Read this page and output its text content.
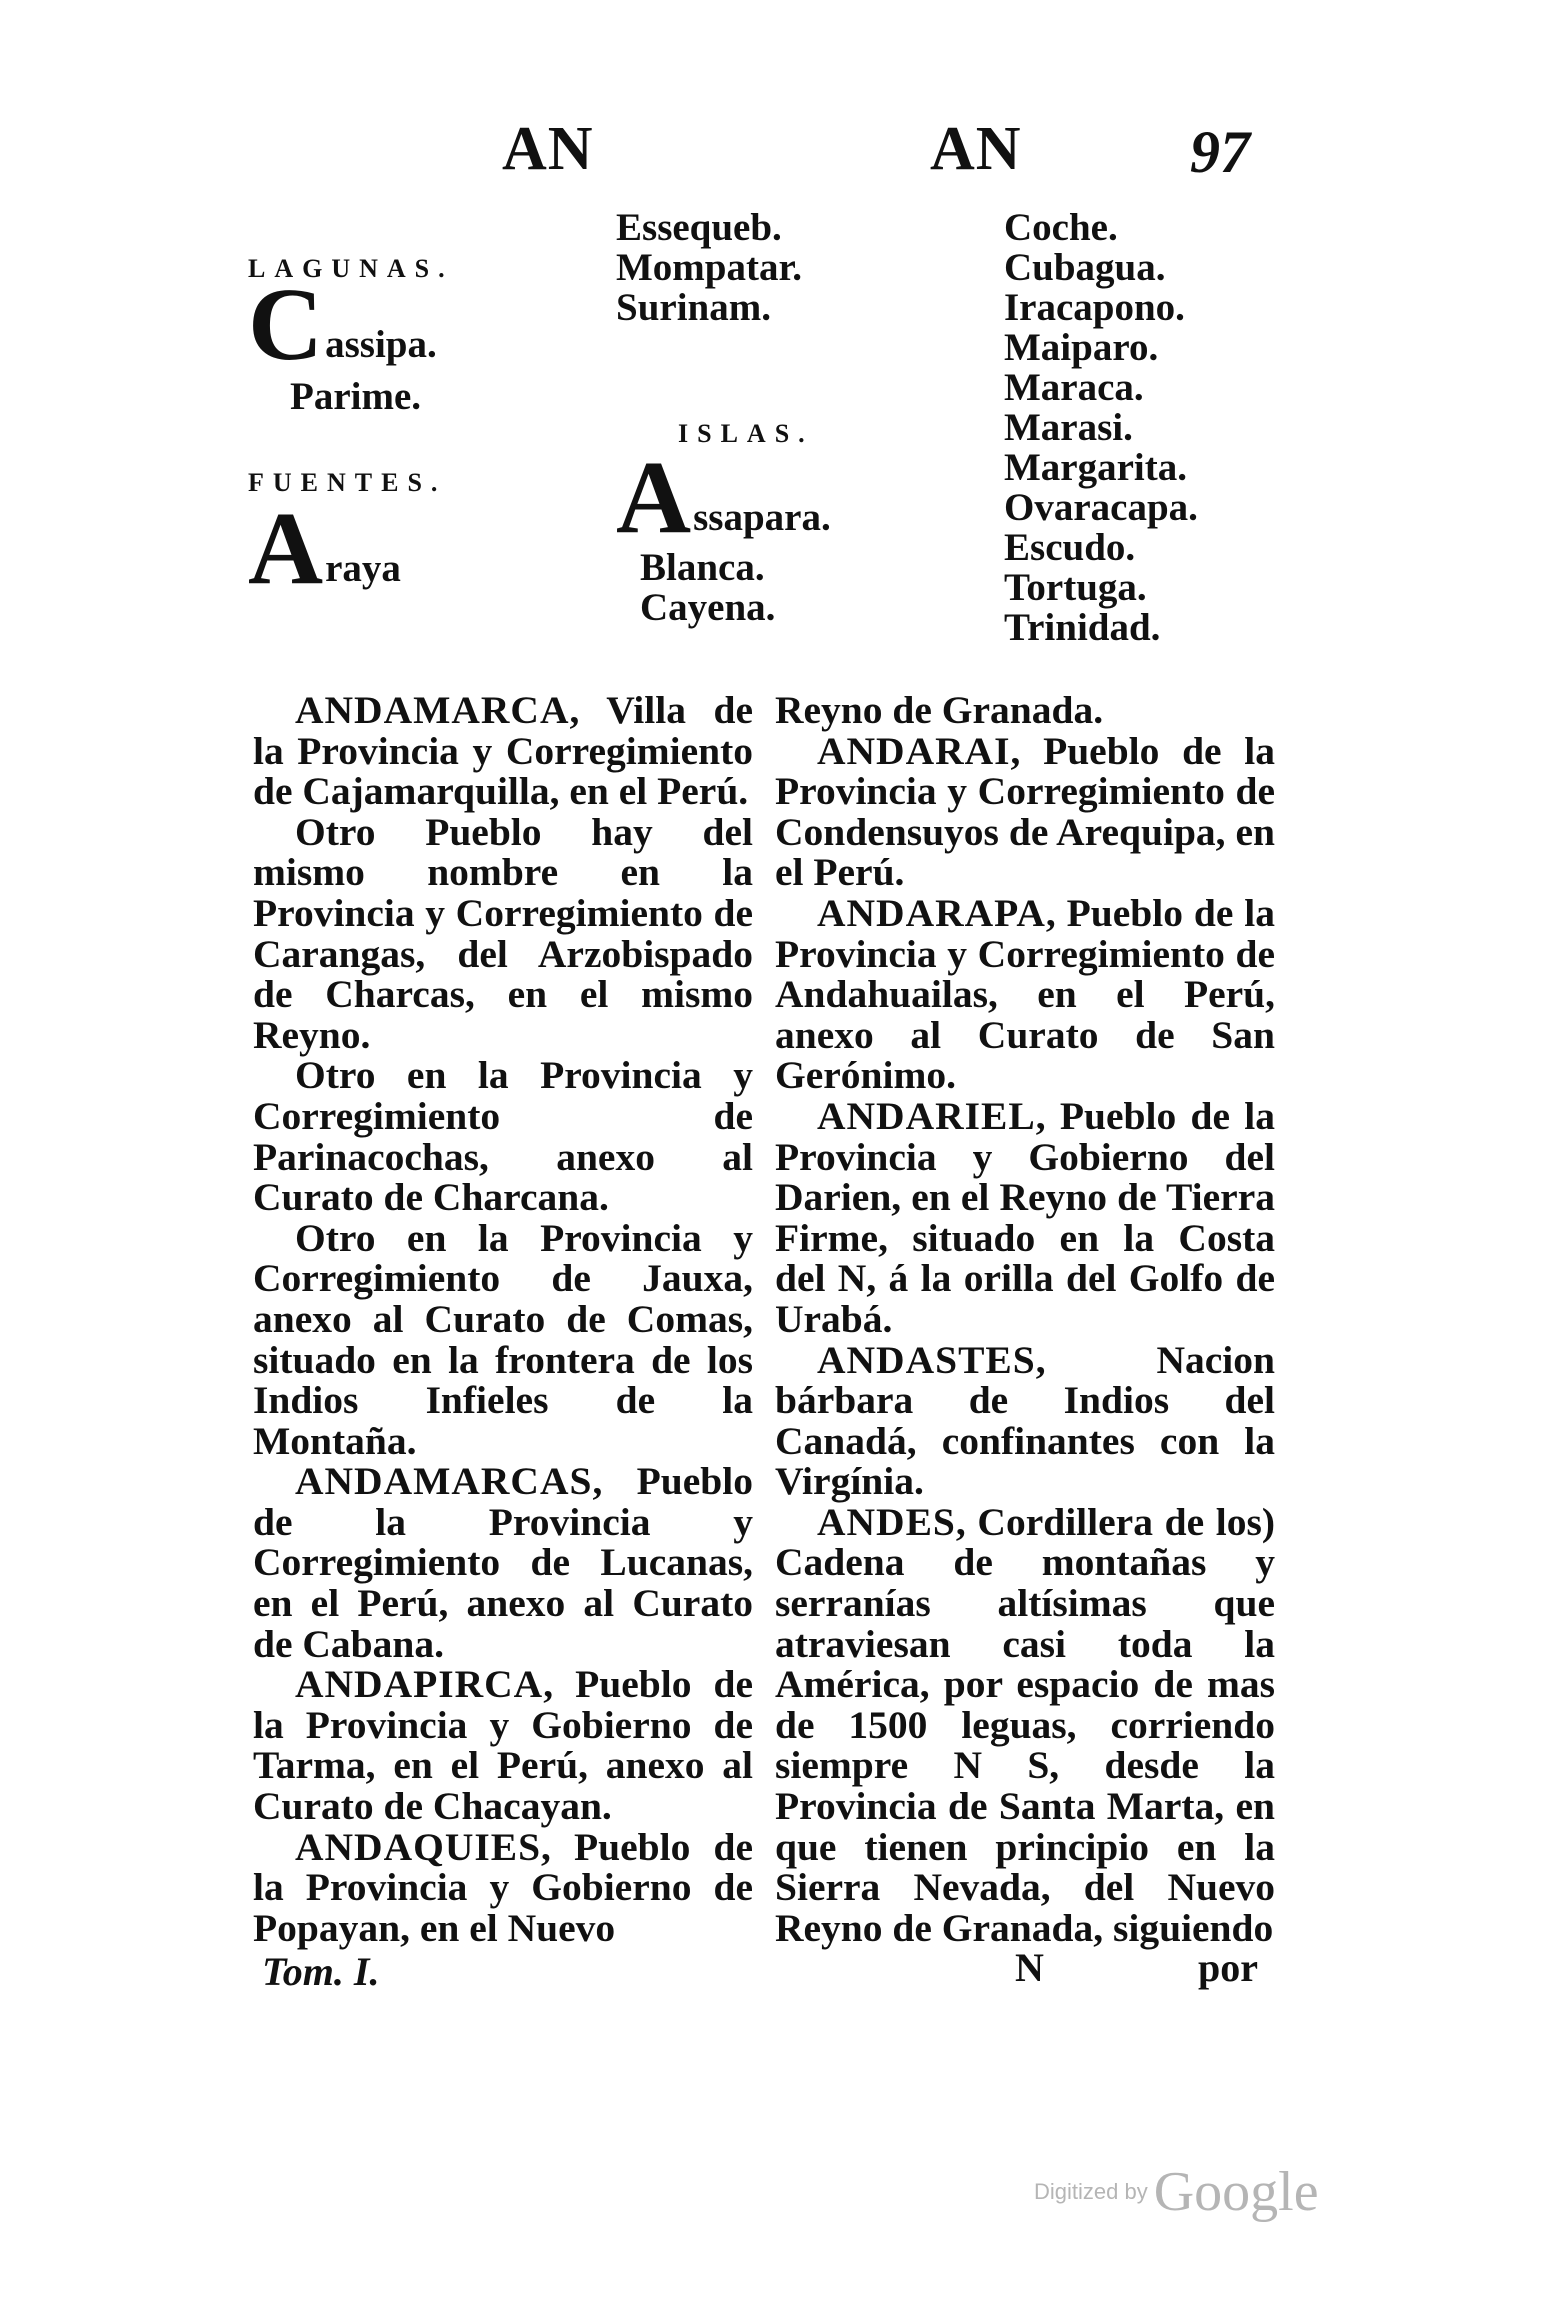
AN	AN	97
LAGUNAS.
Cassipa.
Parime.
FUENTES.
Araya
Essequeb.
Mompatar.
Surinam.
ISLAS.
Assapara.
Blanca.
Cayena.
Coche.
Cubagua.
Iracapono.
Maiparo.
Maraca.
Marasi.
Margarita.
Ovaracapa.
Escudo.
Tortuga.
Trinidad.

ANDAMARCA, Villa de la Provincia y Corregimiento de Cajamarquilla, en el Perú.

Otro Pueblo hay del mismo nombre en la Provincia y Corregimiento de Carangas, del Arzobispado de Charcas, en el mismo Reyno.

Otro en la Provincia y Corregimiento de Parinacochas, anexo al Curato de Charcana.

Otro en la Provincia y Corregimiento de Jauxa, anexo al Curato de Comas, situado en la frontera de los Indios Infieles de la Montaña.

ANDAMARCAS, Pueblo de la Provincia y Corregimiento de Lucanas, en el Perú, anexo al Curato de Cabana.

ANDAPIRCA, Pueblo de la Provincia y Gobierno de Tarma, en el Perú, anexo al Curato de Chacayan.

ANDAQUIES, Pueblo de la Provincia y Gobierno de Popayan, en el Nuevo

Reyno de Granada.

ANDARAI, Pueblo de la Provincia y Corregimiento de Condensuyos de Arequipa, en el Perú.

ANDARAPA, Pueblo de la Provincia y Corregimiento de Andahuailas, en el Perú, anexo al Curato de San Gerónimo.

ANDARIEL, Pueblo de la Provincia y Gobierno del Darien, en el Reyno de Tierra Firme, situado en la Costa del N, á la orilla del Golfo de Urabá.

ANDASTES, Nacion bárbara de Indios del Canadá, confinantes con la Virgínia.

ANDES, Cordillera de los) Cadena de montañas y serranías altísimas que atraviesan casi toda la América, por espacio de mas de 1500 leguas, corriendo siempre N S, desde la Provincia de Santa Marta, en que tienen principio en la Sierra Nevada, del Nuevo Reyno de Granada, siguiendo

Tom. I.	N	por
Digitized by Google
